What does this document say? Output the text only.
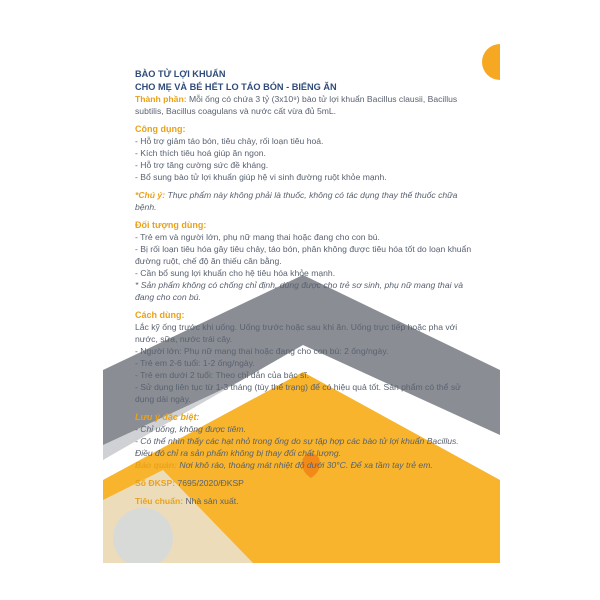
BÀO TỬ LỢI KHUẨN
CHO MẸ VÀ BÉ HẾT LO TÁO BÓN - BIẾNG ĂN
Thành phần: Mỗi ống có chứa 3 tỷ (3x10⁹) bào tử lợi khuẩn Bacillus clausii, Bacillus subtilis, Bacillus coagulans và nước cất vừa đủ 5mL.
Công dụng:
- Hỗ trợ giảm táo bón, tiêu chảy, rối loạn tiêu hoá.
- Kích thích tiêu hoá giúp ăn ngon.
- Hỗ trợ tăng cường sức đề kháng.
- Bổ sung bào tử lợi khuẩn giúp hệ vi sinh đường ruột khỏe mạnh.
*Chú ý: Thực phẩm này không phải là thuốc, không có tác dụng thay thế thuốc chữa bệnh.
Đối tượng dùng:
- Trẻ em và người lớn, phụ nữ mang thai hoặc đang cho con bú.
- Bị rối loạn tiêu hóa gây tiêu chảy, táo bón, phân không được tiêu hóa tốt do loạn khuẩn đường ruột, chế độ ăn thiếu cân bằng.
- Cần bổ sung lợi khuẩn cho hệ tiêu hóa khỏe mạnh.
* Sản phẩm không có chống chỉ định, dùng được cho trẻ sơ sinh, phụ nữ mang thai và đang cho con bú.
Cách dùng:
Lắc kỹ ống trước khi uống. Uống trước hoặc sau khi ăn. Uống trực tiếp hoặc pha với nước, sữa, nước trái cây.
- Người lớn: Phụ nữ mang thai hoặc đang cho con bú: 2 ống/ngày.
- Trẻ em 2-6 tuổi: 1-2 ống/ngày.
- Trẻ em dưới 2 tuổi: Theo chỉ dẫn của bác sĩ.
- Sử dụng liên tục từ 1-3 tháng (tùy thể trạng) để có hiệu quả tốt. Sản phẩm có thể sử dụng dài ngày.
Lưu ý đặc biệt:
- Chỉ uống, không được tiêm.
- Có thể nhìn thấy các hạt nhỏ trong ống do sự tập hợp các bào tử lợi khuẩn Bacillus. Điều đó chỉ ra sản phẩm không bị thay đổi chất lượng.
Bảo quản: Nơi khô ráo, thoáng mát nhiệt độ dưới 30°C. Để xa tầm tay trẻ em.
Số ĐKSP: 7695/2020/ĐKSP
Tiêu chuẩn: Nhà sản xuất.
